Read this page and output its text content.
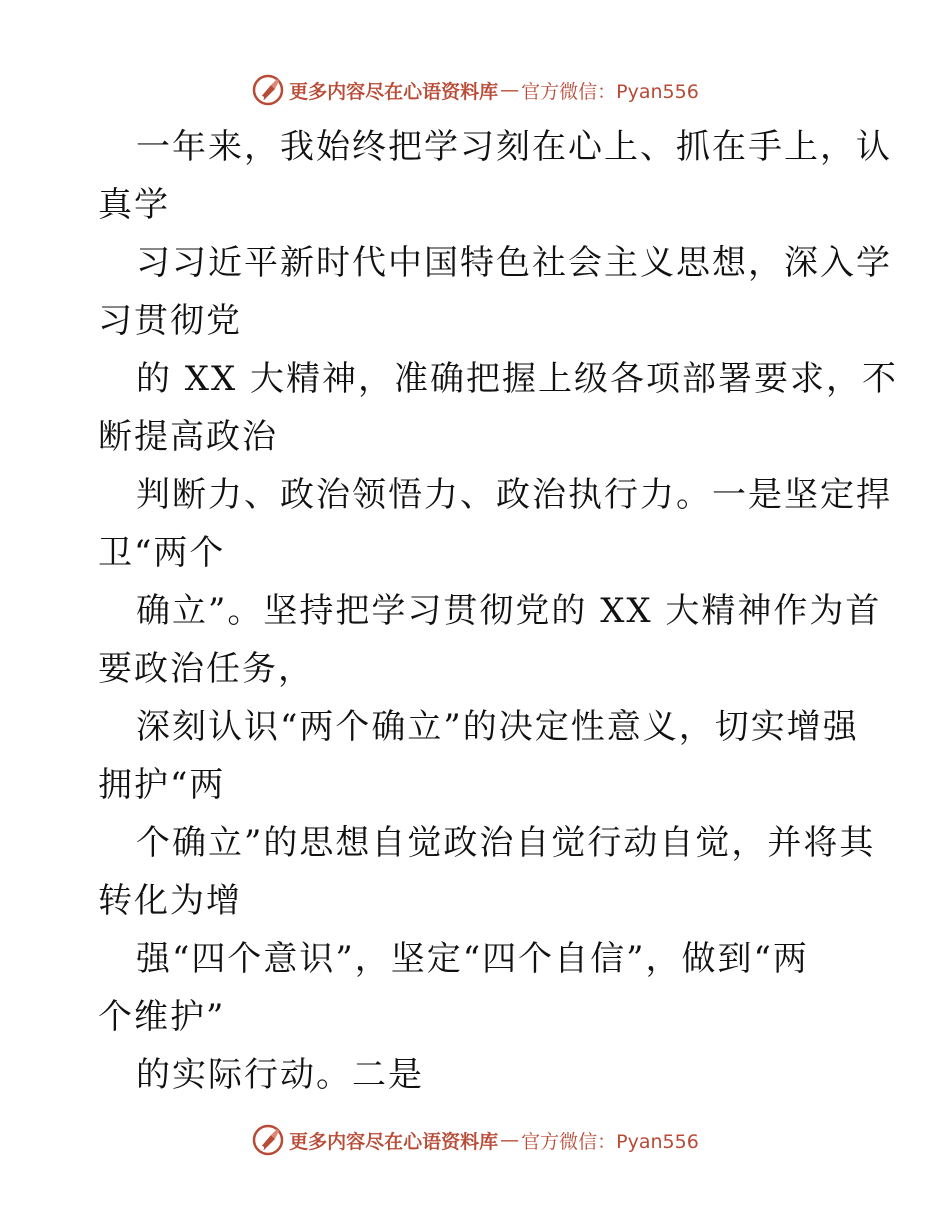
更多内容尽在心语资料库 — 官方微信：Pyan556
一年来，我始终把学习刻在心上、抓在手上，认
真学
习习近平新时代中国特色社会主义思想，深入学
习贯彻党
的 XX 大精神，准确把握上级各项部署要求，不
断提高政治
判断力、政治领悟力、政治执行力。一是坚定捍
卫“两个
确立”。坚持把学习贯彻党的 XX 大精神作为首
要政治任务，
深刻认识“两个确立”的决定性意义，切实增强
拥护“两
个确立”的思想自觉政治自觉行动自觉，并将其
转化为增
强“四个意识”，坚定“四个自信”，做到“两
个维护”
的实际行动。二是
更多内容尽在心语资料库 — 官方微信：Pyan556
